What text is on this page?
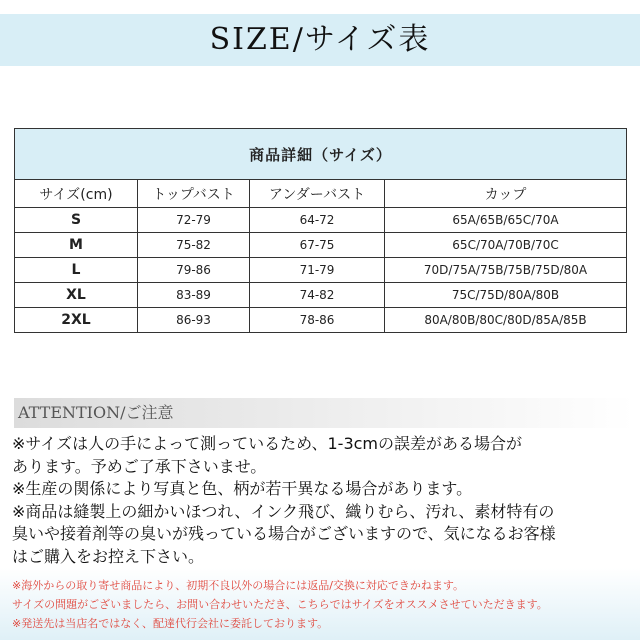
SIZE/サイズ表
商品詳細（サイズ）			
サイズ(cm)	トップバスト	アンダーバスト	カップ
S	72-79	64-72	65A/65B/65C/70A
M	75-82	67-75	65C/70A/70B/70C
L	79-86	71-79	70D/75A/75B/75B/75D/80A
XL	83-89	74-82	75C/75D/80A/80B
2XL	86-93	78-86	80A/80B/80C/80D/85A/85B
ATTENTION/ご注意
※サイズは人の手によって測っているため、1-3cmの誤差がある場合が
あります。予めご了承下さいませ。
※生産の関係により写真と色、柄が若干異なる場合があります。
※商品は縫製上の細かいほつれ、インク飛び、織りむら、汚れ、素材特有の
臭いや接着剤等の臭いが残っている場合がございますので、気になるお客様
はご購入をお控え下さい。
※海外からの取り寄せ商品により、初期不良以外の場合には返品/交換に対応できかねます。
サイズの問題がございましたら、お問い合わせいただき、こちらではサイズをオススメさせていただきます。
※発送先は当店名ではなく、配達代行会社に委託しております。
